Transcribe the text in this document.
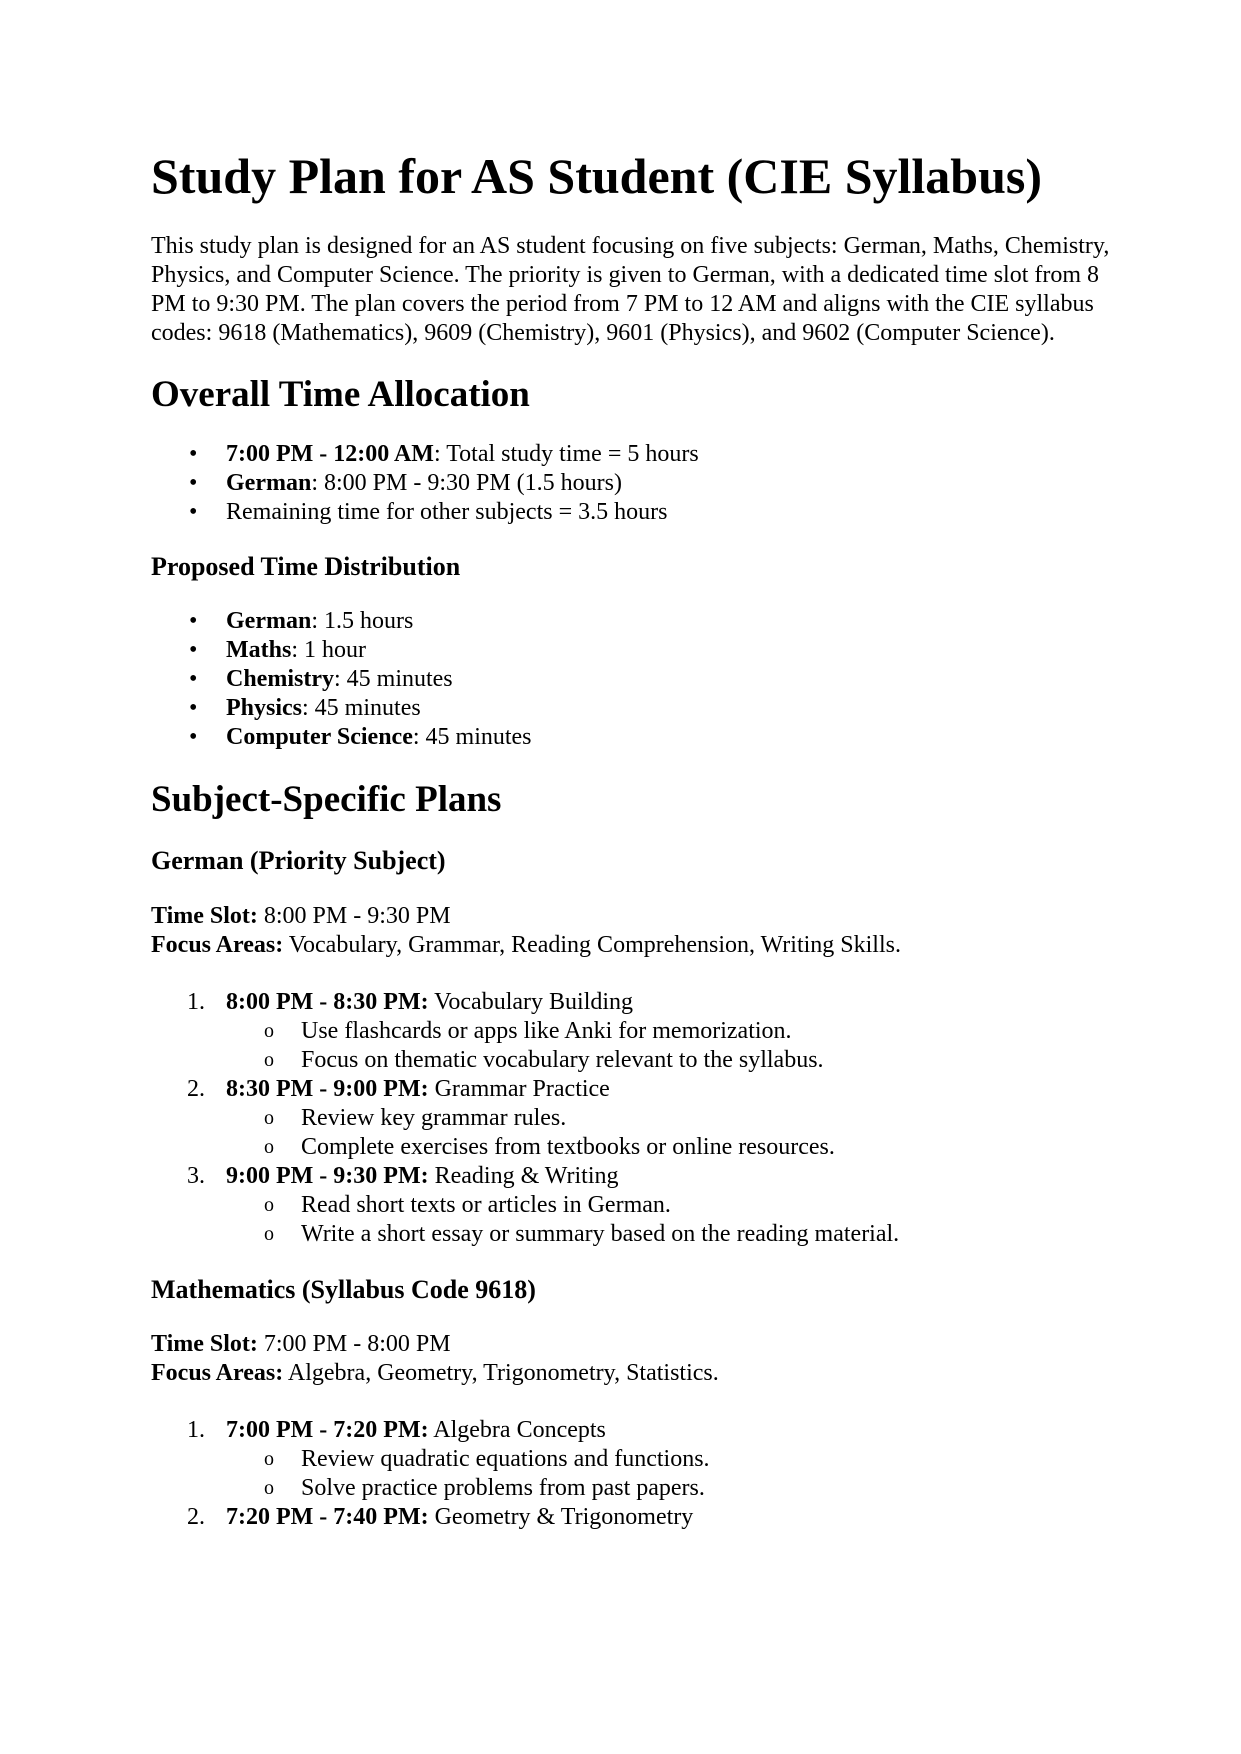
Study Plan for AS Student (CIE Syllabus)

This study plan is designed for an AS student focusing on five subjects: German, Maths, Chemistry, Physics, and Computer Science. The priority is given to German, with a dedicated time slot from 8 PM to 9:30 PM. The plan covers the period from 7 PM to 12 AM and aligns with the CIE syllabus codes: 9618 (Mathematics), 9609 (Chemistry), 9601 (Physics), and 9602 (Computer Science).

Overall Time Allocation
• 7:00 PM - 12:00 AM: Total study time = 5 hours
• German: 8:00 PM - 9:30 PM (1.5 hours)
• Remaining time for other subjects = 3.5 hours
Proposed Time Distribution
• German: 1.5 hours
• Maths: 1 hour
• Chemistry: 45 minutes
• Physics: 45 minutes
• Computer Science: 45 minutes
Subject-Specific Plans
German (Priority Subject)
Time Slot: 8:00 PM - 9:30 PM
Focus Areas: Vocabulary, Grammar, Reading Comprehension, Writing Skills.
1. 8:00 PM - 8:30 PM: Vocabulary Building
o Use flashcards or apps like Anki for memorization.
o Focus on thematic vocabulary relevant to the syllabus.
2. 8:30 PM - 9:00 PM: Grammar Practice
o Review key grammar rules.
o Complete exercises from textbooks or online resources.
3. 9:00 PM - 9:30 PM: Reading & Writing
o Read short texts or articles in German.
o Write a short essay or summary based on the reading material.
Mathematics (Syllabus Code 9618)
Time Slot: 7:00 PM - 8:00 PM
Focus Areas: Algebra, Geometry, Trigonometry, Statistics.
1. 7:00 PM - 7:20 PM: Algebra Concepts
o Review quadratic equations and functions.
o Solve practice problems from past papers.
2. 7:20 PM - 7:40 PM: Geometry & Trigonometry
